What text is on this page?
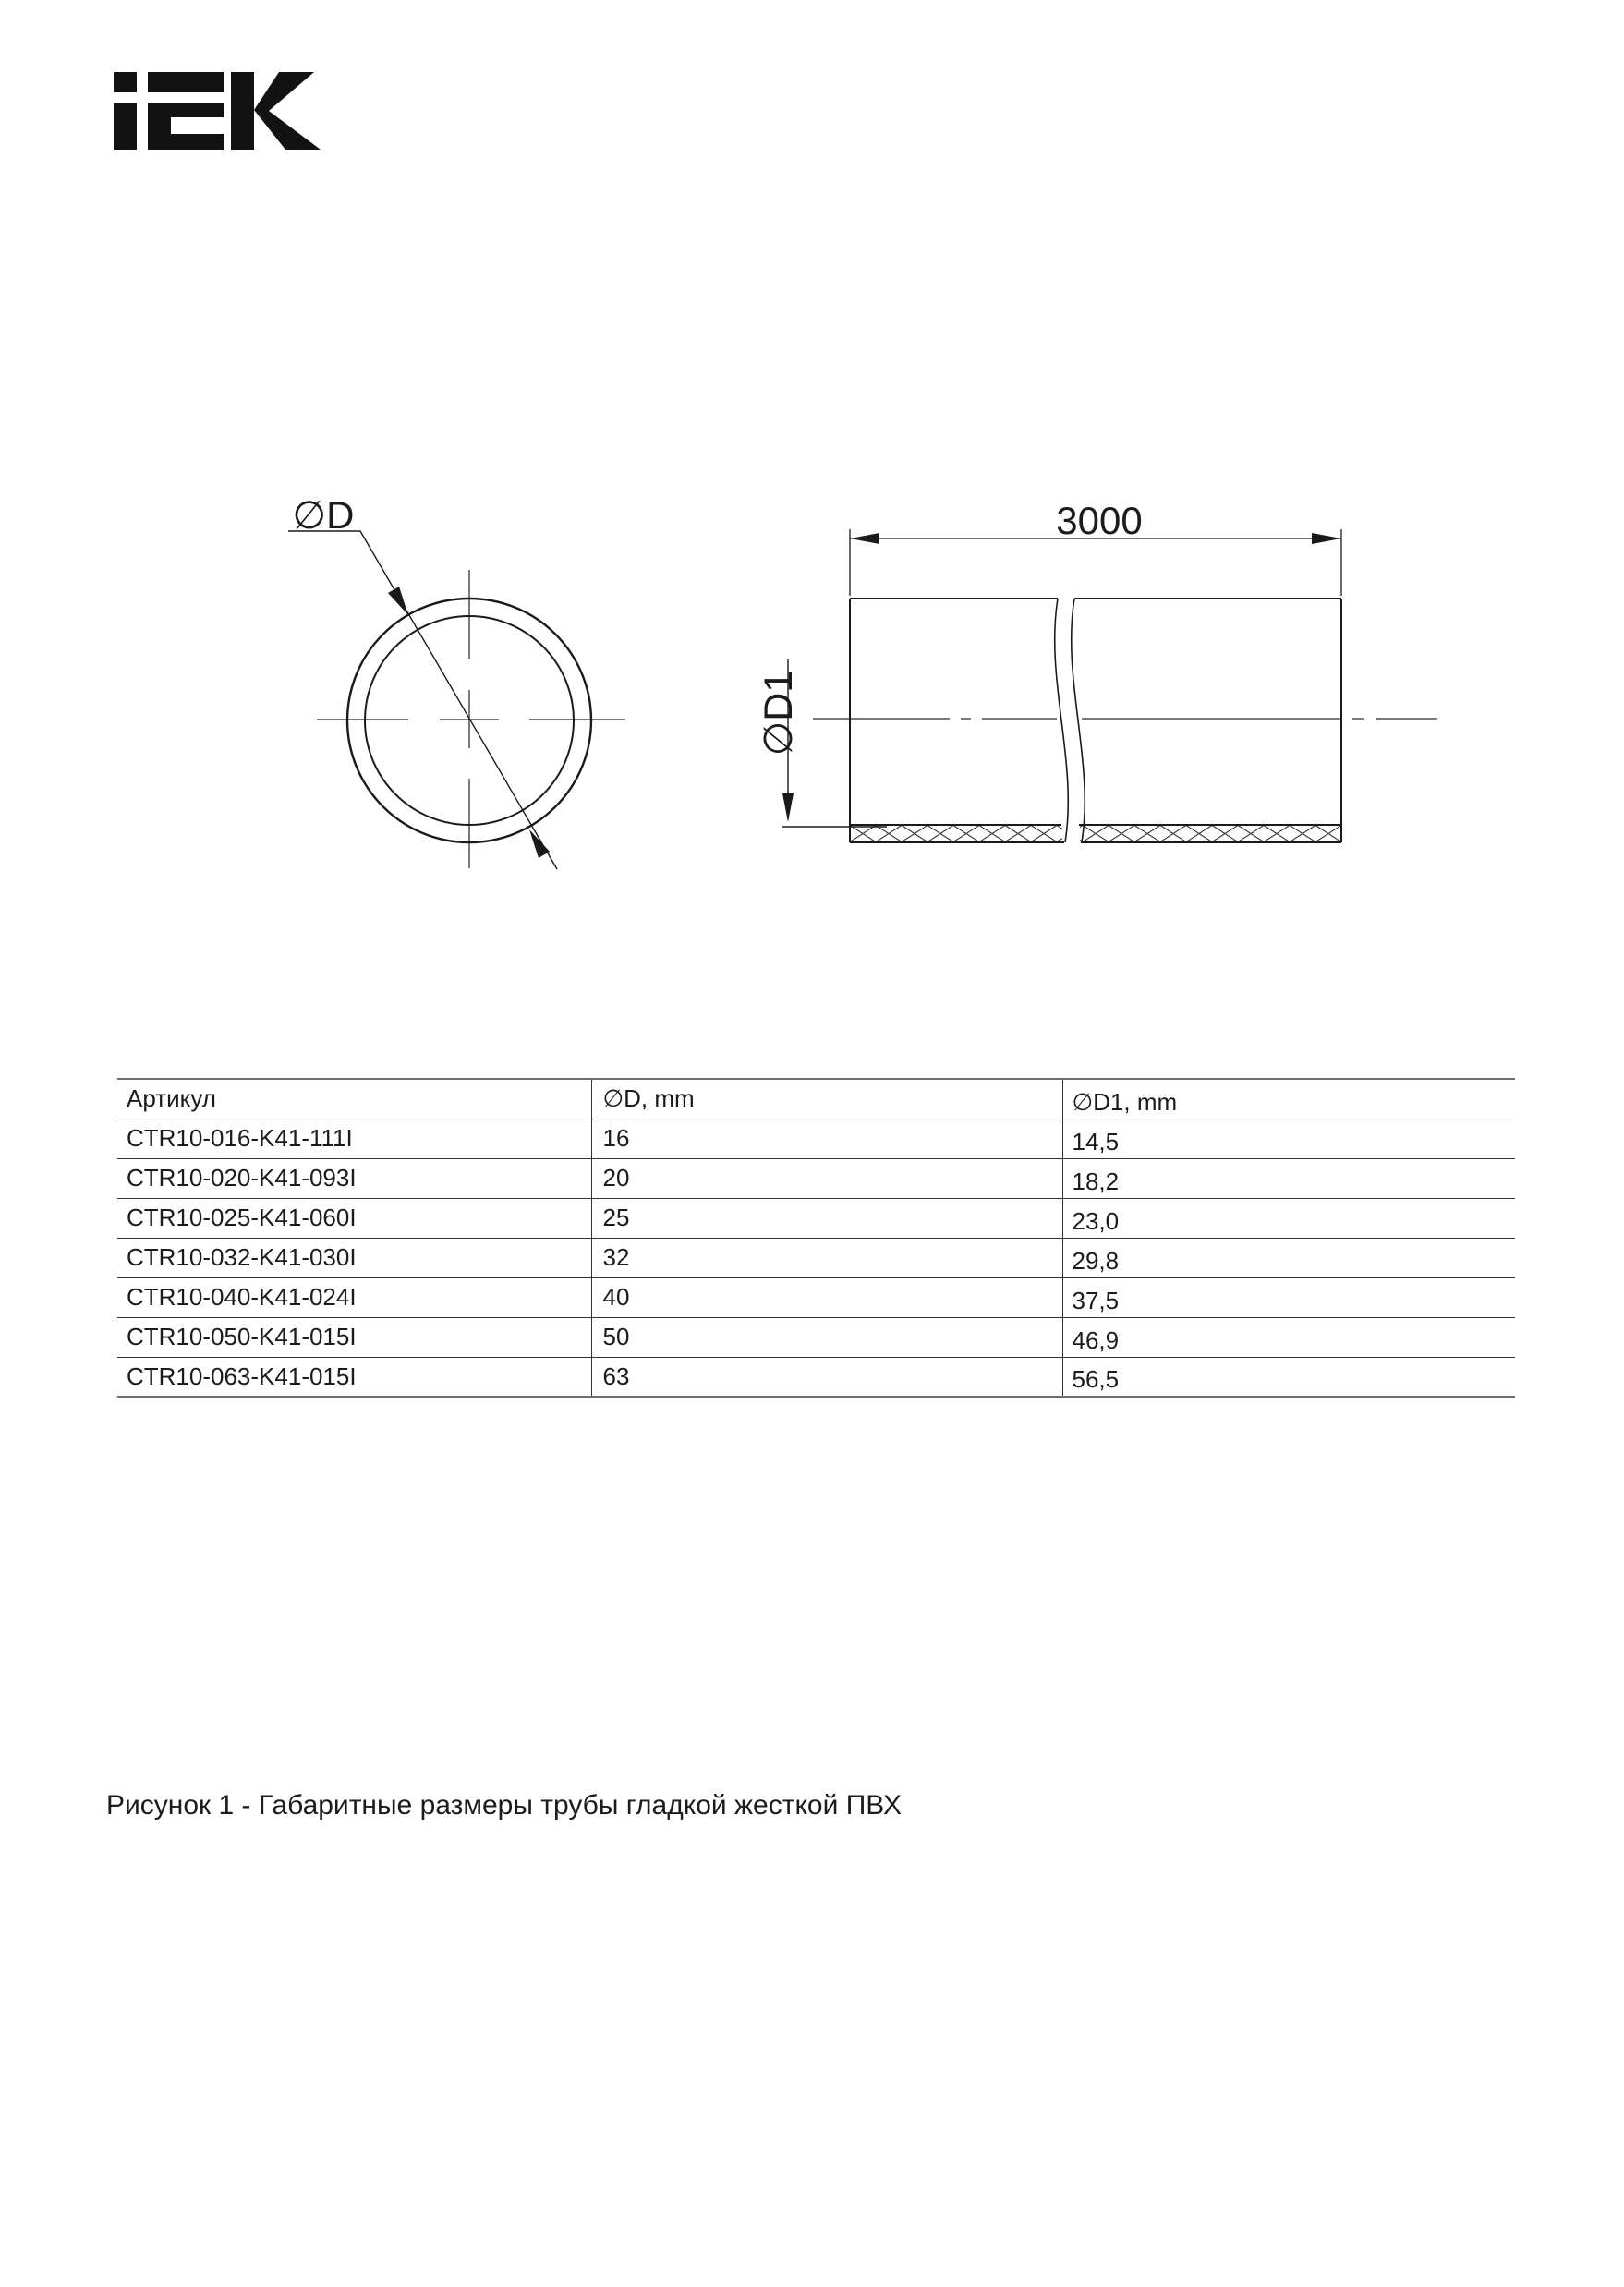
∅D	3000
∅D1
Артикул	∅D, mm	∅D1, mm
CTR10-016-K41-111I	16	14,5
CTR10-020-K41-093I	20	18,2
CTR10-025-K41-060I	25	23,0
CTR10-032-K41-030I	32	29,8
CTR10-040-K41-024I	40	37,5
CTR10-050-K41-015I	50	46,9
CTR10-063-K41-015I	63	56,5
Рисунок 1 - Габаритные размеры трубы гладкой жесткой ПВХ
